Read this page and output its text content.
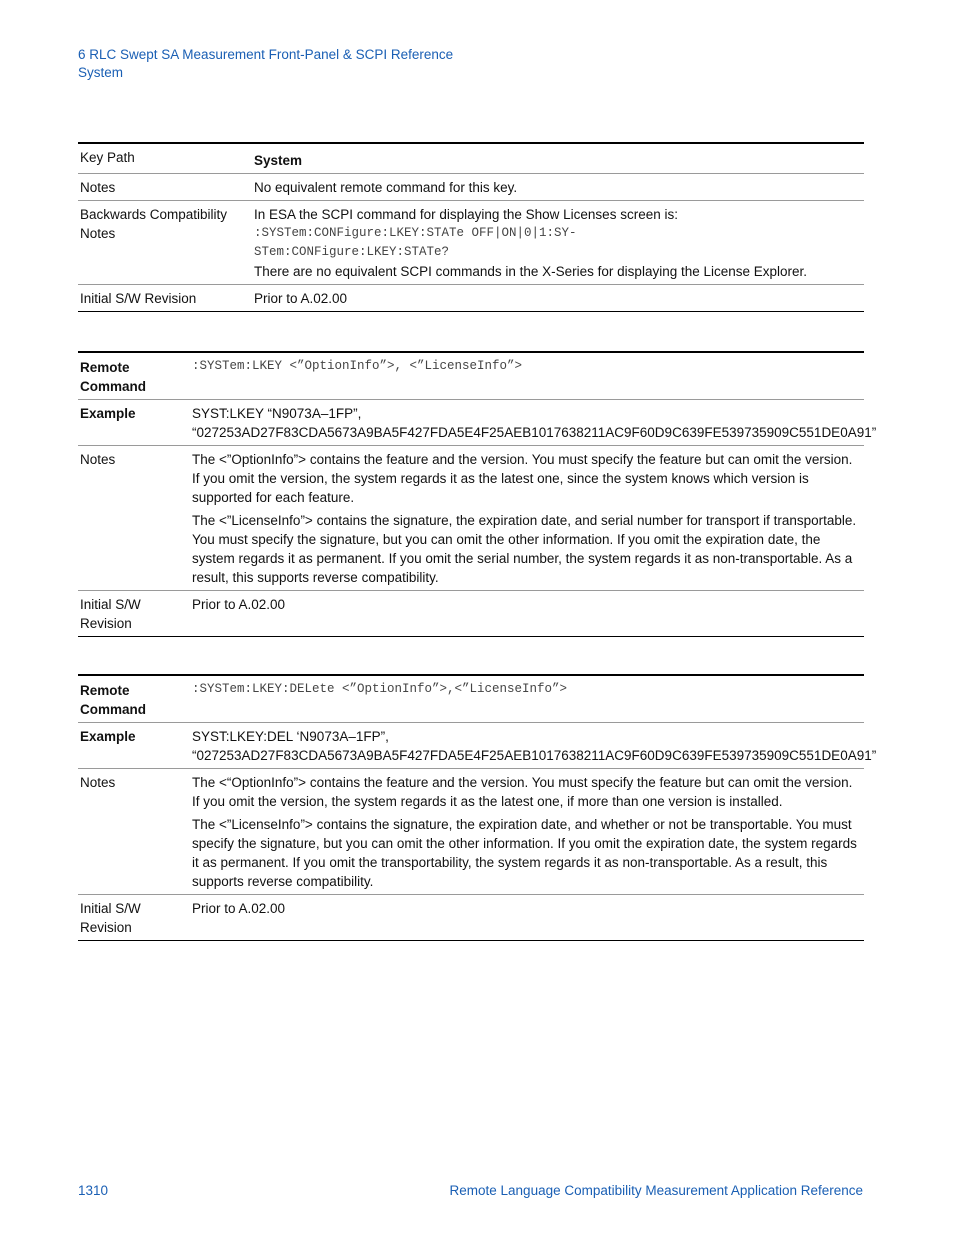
6 RLC Swept SA Measurement Front-Panel & SCPI Reference
System
Key Path	System
Notes	No equivalent remote command for this key.
Backwards Compatibility Notes	In ESA the SCPI command for displaying the Show Licenses screen is:
:SYSTem:CONFigure:LKEY:STATe OFF|ON|0|1:SY-
STem:CONFigure:LKEY:STATe?
There are no equivalent SCPI commands in the X-Series for displaying the License Explorer.

Initial S/W Revision	Prior to A.02.00
Remote
Command	:SYSTem:LKEY <”OptionInfo”>, <”LicenseInfo”>
Example	SYST:LKEY “N9073A–1FP”,
“027253AD27F83CDA5673A9BA5F427FDA5E4F25AEB1017638211AC9F60D9C639FE539735909C551DE0A91”

Notes	The <”OptionInfo”> contains the feature and the version. You must specify the feature but can omit the version. If you omit the version, the system regards it as the latest one, since the system knows which version is supported for each feature.

The <”LicenseInfo”> contains the signature, the expiration date, and serial number for transport if transportable. You must specify the signature, but you can omit the other information. If you omit the expiration date, the system regards it as permanent. If you omit the serial number, the system regards it as non-transportable. As a result, this supports reverse compatibility.

Initial S/W
Revision	Prior to A.02.00
Remote
Command	:SYSTem:LKEY:DELete <”OptionInfo”>,<”LicenseInfo”>
Example	SYST:LKEY:DEL ‘N9073A–1FP”,
“027253AD27F83CDA5673A9BA5F427FDA5E4F25AEB1017638211AC9F60D9C639FE539735909C551DE0A91”

Notes	The <“OptionInfo”> contains the feature and the version. You must specify the feature but can omit the version. If you omit the version, the system regards it as the latest one, if more than one version is installed.

The <”LicenseInfo”> contains the signature, the expiration date, and whether or not be transportable. You must specify the signature, but you can omit the other information. If you omit the expiration date, the system regards it as permanent. If you omit the transportability, the system regards it as non-transportable. As a result, this supports reverse compatibility.

Initial S/W
Revision	Prior to A.02.00
1310	Remote Language Compatibility Measurement Application Reference
